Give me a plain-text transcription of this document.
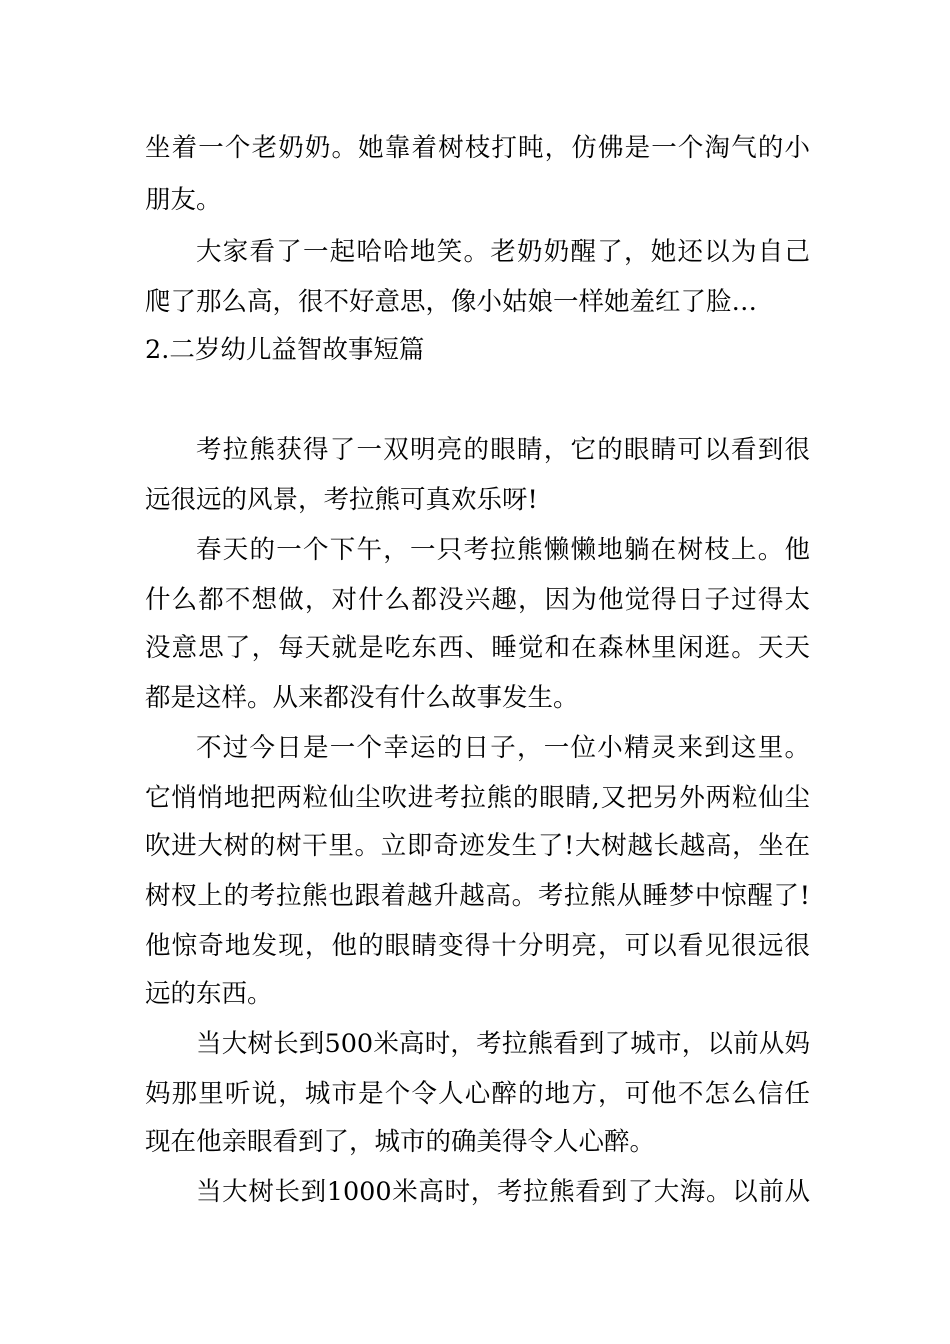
坐着一个老奶奶。她靠着树枝打盹，仿佛是一个淘气的小
朋友。
大家看了一起哈哈地笑。老奶奶醒了，她还以为自己
爬了那么高，很不好意思，像小姑娘一样她羞红了脸…
2.二岁幼儿益智故事短篇
考拉熊获得了一双明亮的眼睛，它的眼睛可以看到很
远很远的风景，考拉熊可真欢乐呀!
春天的一个下午，一只考拉熊懒懒地躺在树枝上。他
什么都不想做，对什么都没兴趣，因为他觉得日子过得太
没意思了，每天就是吃东西、睡觉和在森林里闲逛。天天
都是这样。从来都没有什么故事发生。
不过今日是一个幸运的日子，一位小精灵来到这里。
它悄悄地把两粒仙尘吹进考拉熊的眼睛,又把另外两粒仙尘
吹进大树的树干里。立即奇迹发生了!大树越长越高，坐在
树杈上的考拉熊也跟着越升越高。考拉熊从睡梦中惊醒了!
他惊奇地发现，他的眼睛变得十分明亮，可以看见很远很
远的东西。
当大树长到500米高时，考拉熊看到了城市，以前从妈
妈那里听说，城市是个令人心醉的地方，可他不怎么信任
现在他亲眼看到了，城市的确美得令人心醉。
当大树长到1000米高时，考拉熊看到了大海。以前从
